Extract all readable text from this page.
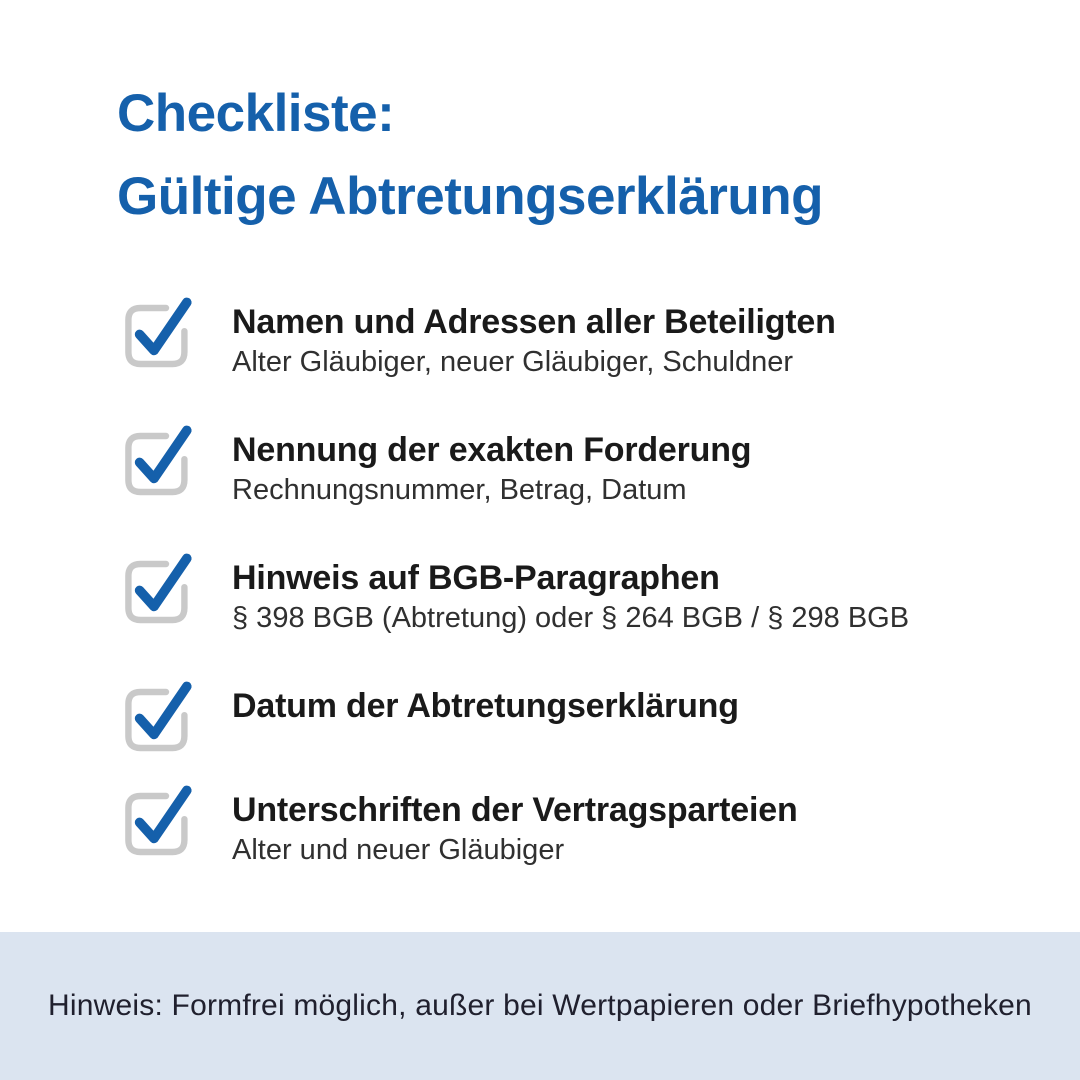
Checkliste:
Gültige Abtretungserklärung
Namen und Adressen aller Beteiligten
Alter Gläubiger, neuer Gläubiger, Schuldner
Nennung der exakten Forderung
Rechnungsnummer, Betrag, Datum
Hinweis auf BGB-Paragraphen
§ 398 BGB (Abtretung) oder § 264 BGB / § 298 BGB
Datum der Abtretungserklärung
Unterschriften der Vertragsparteien
Alter und neuer Gläubiger
Hinweis: Formfrei möglich, außer bei Wertpapieren oder Briefhypotheken
